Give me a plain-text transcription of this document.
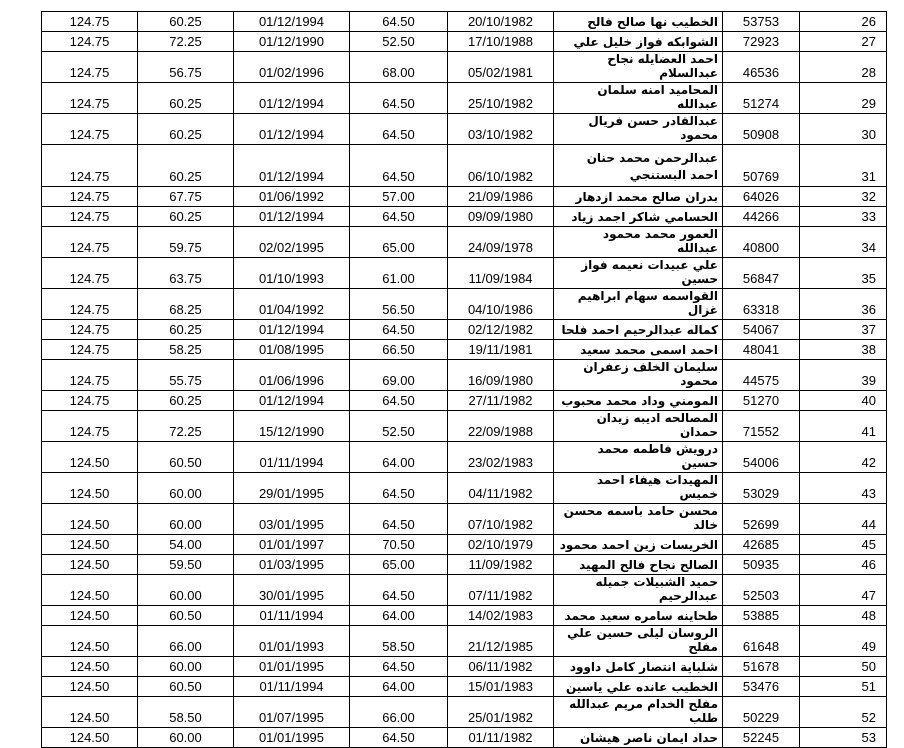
124.75	60.25	01/12/1994	64.50	20/10/1982	الخطيب نها صالح فالح	53753	26
124.75	72.25	01/12/1990	52.50	17/10/1988	الشوابكه فواز خليل علي	72923	27
124.75	56.75	01/02/1996	68.00	05/02/1981	احمد العضايله نجاح عبدالسلام	46536	28
124.75	60.25	01/12/1994	64.50	25/10/1982	المحاميد امنه سلمان عبدالله	51274	29
124.75	60.25	01/12/1994	64.50	03/10/1982	عبدالقادر حسن فريال محمود	50908	30
124.75	60.25	01/12/1994	64.50	06/10/1982	عبدالرحمن محمد حنان احمد البستنجي	50769	31
124.75	67.75	01/06/1992	57.00	21/09/1986	بدران صالح محمد ازدهار	64026	32
124.75	60.25	01/12/1994	64.50	09/09/1980	الحسامي شاكر اجمد زياد	44266	33
124.75	59.75	02/02/1995	65.00	24/09/1978	العمور محمد محمود عبدالله	40800	34
124.75	63.75	01/10/1993	61.00	11/09/1984	علي عبيدات نعيمه فواز حسين	56847	35
124.75	68.25	01/04/1992	56.50	04/10/1986	القواسمه سهام ابراهيم غزال	63318	36
124.75	60.25	01/12/1994	64.50	02/12/1982	كماله عبدالرحيم احمد فلحا	54067	37
124.75	58.25	01/08/1995	66.50	19/11/1981	احمد اسمى محمد سعيد	48041	38
124.75	55.75	01/06/1996	69.00	16/09/1980	سليمان الخلف زعفران محمود	44575	39
124.75	60.25	01/12/1994	64.50	27/11/1982	المومني وداد محمد محبوب	51270	40
124.75	72.25	15/12/1990	52.50	22/09/1988	المصالحه اديبه زيدان حمدان	71552	41
124.50	60.50	01/11/1994	64.00	23/02/1983	درويش فاطمه محمد حسين	54006	42
124.50	60.00	29/01/1995	64.50	04/11/1982	المهيدات هيفاء احمد خميس	53029	43
124.50	60.00	03/01/1995	64.50	07/10/1982	محسن حامد باسمه محسن خالد	52699	44
124.50	54.00	01/01/1997	70.50	02/10/1979	الخريسات زين احمد محمود	42685	45
124.50	59.50	01/03/1995	65.00	11/09/1982	الصالح نجاح فالح المهيد	50935	46
124.50	60.00	30/01/1995	64.50	07/11/1982	حميد الشبيلات جميله عبدالرحيم	52503	47
124.50	60.50	01/11/1994	64.00	14/02/1983	طحاينه سامره سعيد محمد	53885	48
124.50	66.00	01/01/1993	58.50	21/12/1985	الروسان ليلى حسين علي مفلح	61648	49
124.50	60.00	01/01/1995	64.50	06/11/1982	شلباية انتصار كامل داوود	51678	50
124.50	60.50	01/11/1994	64.00	15/01/1983	الخطيب عانده علي ياسين	53476	51
124.50	58.50	01/07/1995	66.00	25/01/1982	مفلح الخدام مريم عبدالله طلب	50229	52
124.50	60.00	01/01/1995	64.50	01/11/1982	حداد ايمان ناصر هيشان	52245	53
